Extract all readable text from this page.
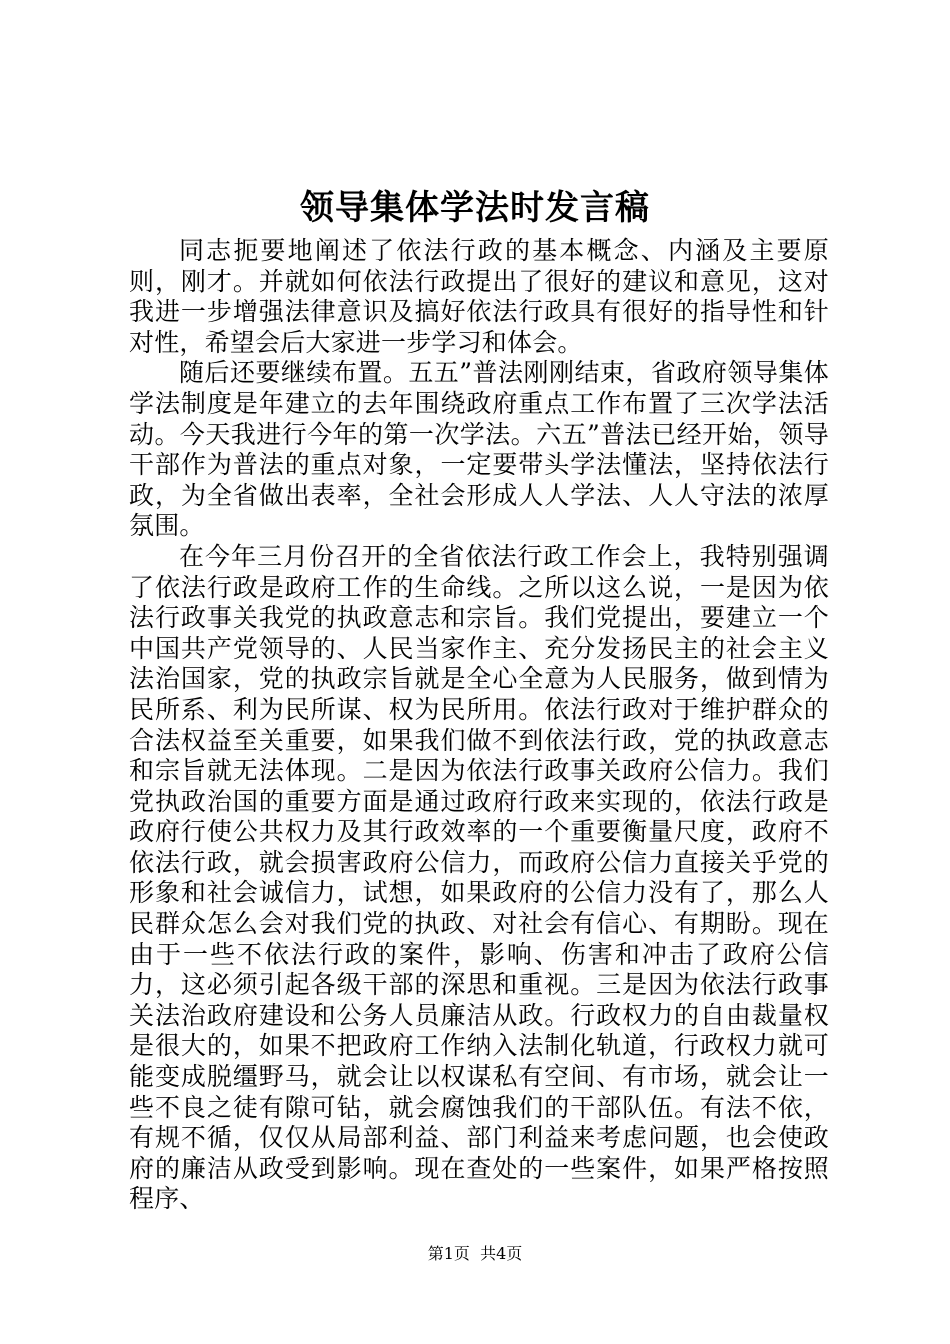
领导集体学法时发言稿

同志扼要地阐述了依法行政的基本概念、内涵及主要原则，刚才。并就如何依法行政提出了很好的建议和意见，这对我进一步增强法律意识及搞好依法行政具有很好的指导性和针对性，希望会后大家进一步学习和体会。

随后还要继续布置。五五”普法刚刚结束，省政府领导集体学法制度是年建立的去年围绕政府重点工作布置了三次学法活动。今天我进行今年的第一次学法。六五”普法已经开始，领导干部作为普法的重点对象，一定要带头学法懂法，坚持依法行政，为全省做出表率，全社会形成人人学法、人人守法的浓厚氛围。

在今年三月份召开的全省依法行政工作会上，我特别强调了依法行政是政府工作的生命线。之所以这么说，一是因为依法行政事关我党的执政意志和宗旨。我们党提出，要建立一个中国共产党领导的、人民当家作主、充分发扬民主的社会主义法治国家，党的执政宗旨就是全心全意为人民服务，做到情为民所系、利为民所谋、权为民所用。依法行政对于维护群众的合法权益至关重要，如果我们做不到依法行政，党的执政意志和宗旨就无法体现。二是因为依法行政事关政府公信力。我们党执政治国的重要方面是通过政府行政来实现的，依法行政是政府行使公共权力及其行政效率的一个重要衡量尺度，政府不依法行政，就会损害政府公信力，而政府公信力直接关乎党的形象和社会诚信力，试想，如果政府的公信力没有了，那么人民群众怎么会对我们党的执政、对社会有信心、有期盼。现在由于一些不依法行政的案件，影响、伤害和冲击了政府公信力，这必须引起各级干部的深思和重视。三是因为依法行政事关法治政府建设和公务人员廉洁从政。行政权力的自由裁量权是很大的，如果不把政府工作纳入法制化轨道，行政权力就可能变成脱缰野马，就会让以权谋私有空间、有市场，就会让一些不良之徒有隙可钻，就会腐蚀我们的干部队伍。有法不依，有规不循，仅仅从局部利益、部门利益来考虑问题，也会使政府的廉洁从政受到影响。现在查处的一些案件，如果严格按照程序、

第1页 共4页
